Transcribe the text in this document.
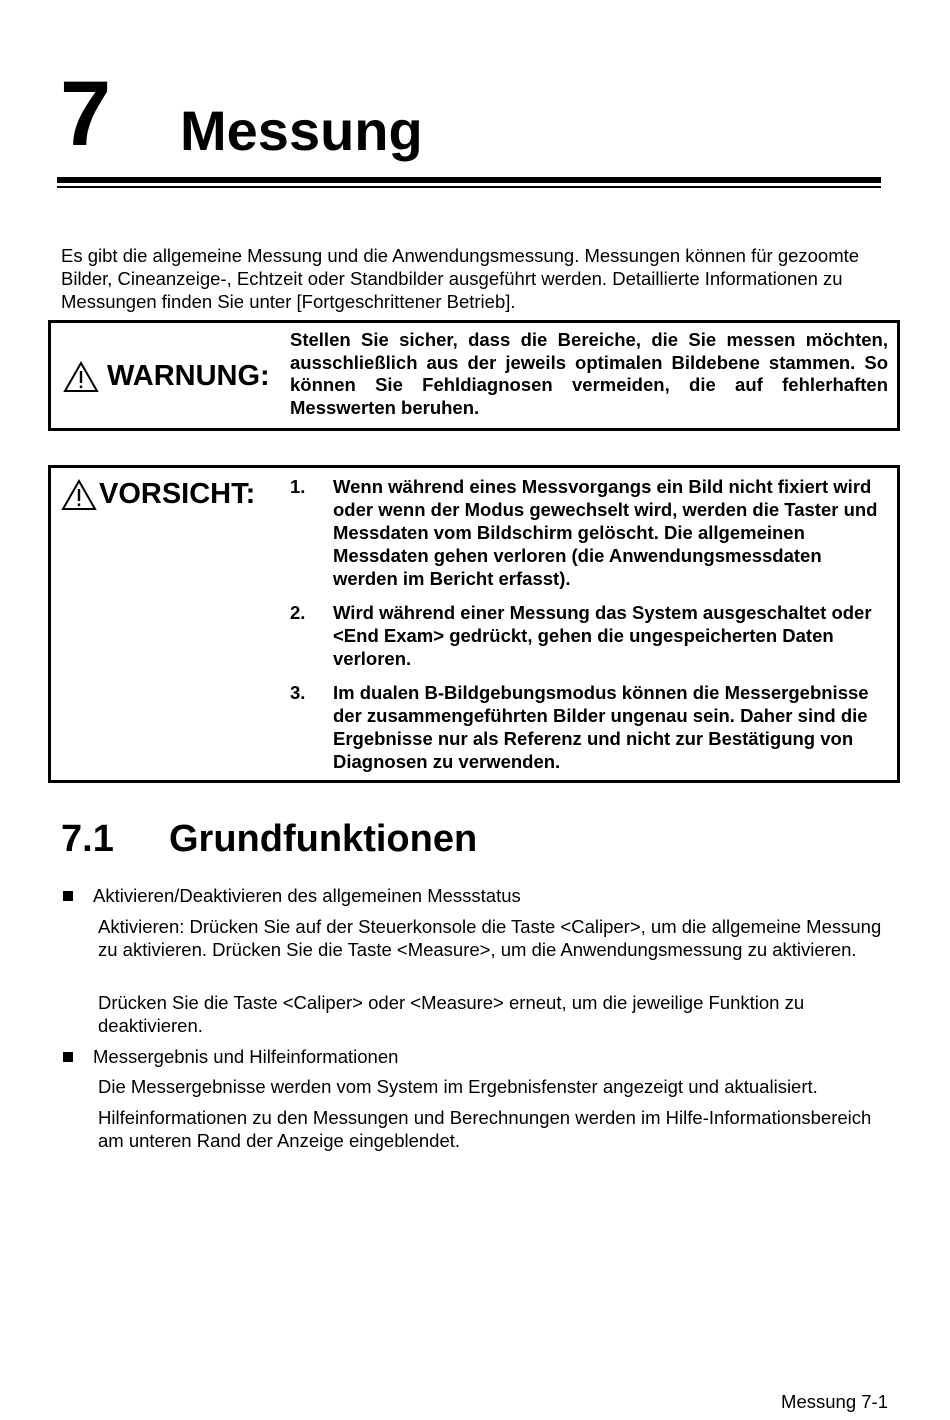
7 Messung
Es gibt die allgemeine Messung und die Anwendungsmessung. Messungen können für gezoomte Bilder, Cineanzeige-, Echtzeit oder Standbilder ausgeführt werden. Detaillierte Informationen zu Messungen finden Sie unter [Fortgeschrittener Betrieb].
WARNUNG:
Stellen Sie sicher, dass die Bereiche, die Sie messen möchten, ausschließlich aus der jeweils optimalen Bildebene stammen. So können Sie Fehldiagnosen vermeiden, die auf fehlerhaften Messwerten beruhen.
VORSICHT: 1. Wenn während eines Messvorgangs ein Bild nicht fixiert wird oder wenn der Modus gewechselt wird, werden die Taster und Messdaten vom Bildschirm gelöscht. Die allgemeinen Messdaten gehen verloren (die Anwendungsmessdaten werden im Bericht erfasst).
2. Wird während einer Messung das System ausgeschaltet oder <End Exam> gedrückt, gehen die ungespeicherten Daten verloren.
3. Im dualen B-Bildgebungsmodus können die Messergebnisse der zusammengeführten Bilder ungenau sein. Daher sind die Ergebnisse nur als Referenz und nicht zur Bestätigung von Diagnosen zu verwenden.
7.1 Grundfunktionen
Aktivieren/Deaktivieren des allgemeinen Messstatus
Aktivieren: Drücken Sie auf der Steuerkonsole die Taste <Caliper>, um die allgemeine Messung zu aktivieren. Drücken Sie die Taste <Measure>, um die Anwendungsmessung zu aktivieren.
Drücken Sie die Taste <Caliper> oder <Measure> erneut, um die jeweilige Funktion zu deaktivieren.
Messergebnis und Hilfeinformationen
Die Messergebnisse werden vom System im Ergebnisfenster angezeigt und aktualisiert.
Hilfeinformationen zu den Messungen und Berechnungen werden im Hilfe-Informationsbereich am unteren Rand der Anzeige eingeblendet.
Messung 7-1
